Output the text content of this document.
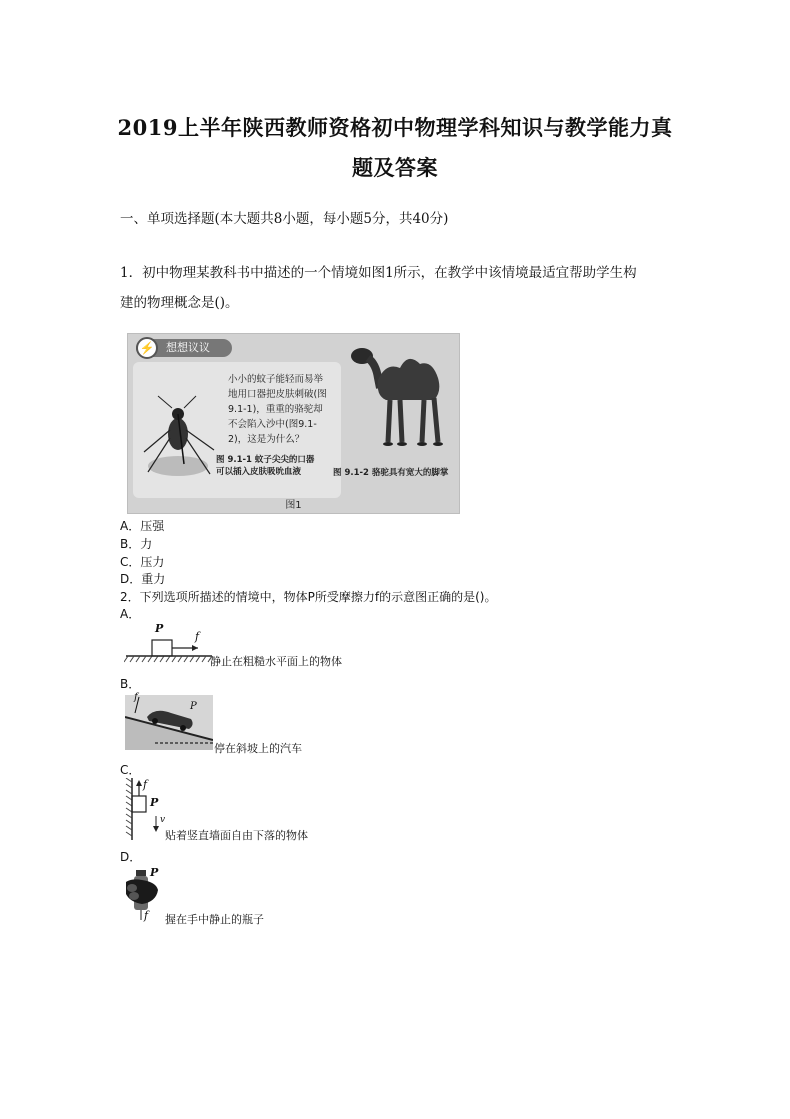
2019上半年陕西教师资格初中物理学科知识与教学能力真
题及答案
一、单项选择题(本大题共8小题，每小题5分，共40分)
1．初中物理某教科书中描述的一个情境如图1所示，在教学中该情境最适宜帮助学生构
建的物理概念是()。
想想议议
⚡
小小的蚊子能轻而易举地用口器把皮肤刺破(图9.1-1)，重重的骆驼却不会陷入沙中(图9.1-2)，这是为什么？
图 9.1-1 蚊子尖尖的口器
可以插入皮肤吸吮血液	图 9.1-2 骆驼具有宽大的脚掌
图1
A．压强
B．力
C．压力
D．重力
2．下列选项所描述的情境中，物体P所受摩擦力f的示意图正确的是()。
A．
P
f
静止在粗糙水平面上的物体
B．
f
P
停在斜坡上的汽车
C．
f
P
v
贴着竖直墙面自由下落的物体
D．
P
f 握在手中静止的瓶子
